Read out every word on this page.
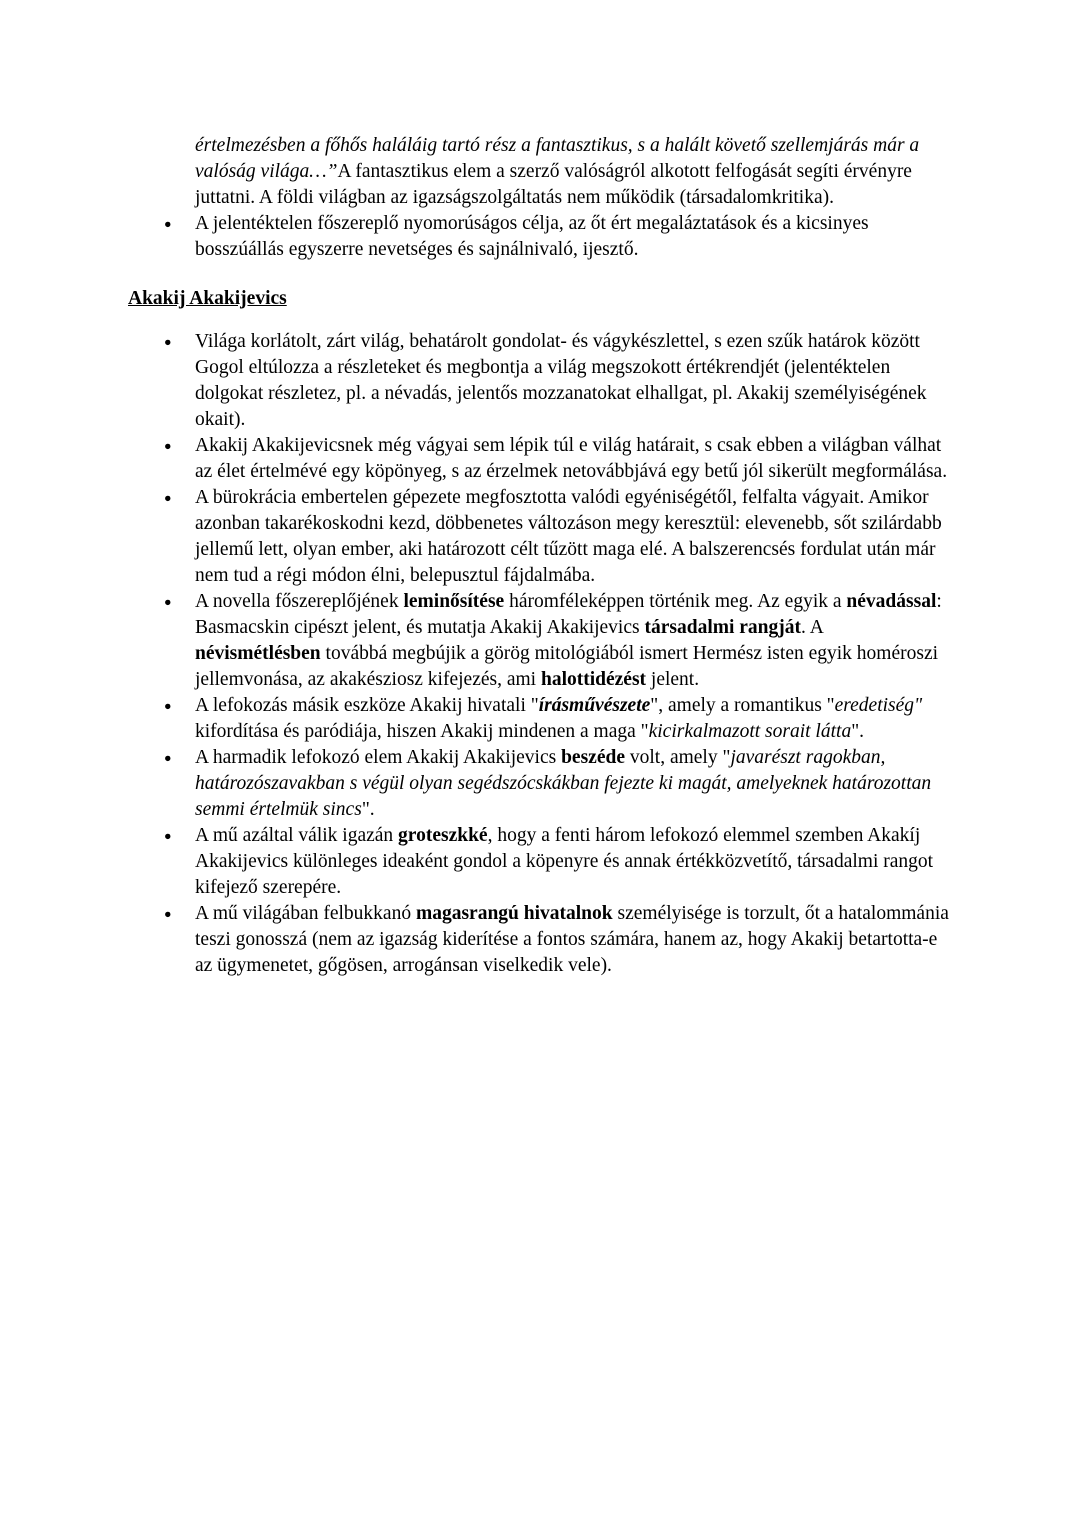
értelmezésben a főhős haláláig tartó rész a fantasztikus, s a halált követő szellemjárás már a valóság világa…”A fantasztikus elem a szerző valóságról alkotott felfogását segíti érvényre juttatni. A földi világban az igazságszolgáltatás nem működik (társadalomkritika).

● A jelentéktelen főszereplő nyomorúságos célja, az őt ért megaláztatások és a kicsinyes bosszúállás egyszerre nevetséges és sajnálnivaló, ijesztő.
Akakij Akakijevics
● Világa korlátolt, zárt világ, behatárolt gondolat- és vágykészlettel, s ezen szűk határok között Gogol eltúlozza a részleteket és megbontja a világ megszokott értékrendjét (jelentéktelen dolgokat részletez, pl. a névadás, jelentős mozzanatokat elhallgat, pl. Akakij személyiségének okait).
● Akakij Akakijevicsnek még vágyai sem lépik túl e világ határait, s csak ebben a világban válhat az élet értelmévé egy köpönyeg, s az érzelmek netovábbjává egy betű jól sikerült megformálása.
● A bürokrácia embertelen gépezete megfosztotta valódi egyéniségétől, felfalta vágyait. Amikor azonban takarékoskodni kezd, döbbenetes változáson megy keresztül: elevenebb, sőt szilárdabb jellemű lett, olyan ember, aki határozott célt tűzött maga elé. A balszerencsés fordulat után már nem tud a régi módon élni, belepusztul fájdalmába.
● A novella főszereplőjének leminősítése háromféleképpen történik meg. Az egyik a névadással: Basmacskin cipészt jelent, és mutatja Akakij Akakijevics társadalmi rangját. A névismétlésben továbbá megbújik a görög mitológiából ismert Hermész isten egyik homéroszi jellemvonása, az akakésziosz kifejezés, ami halottidézést jelent.
● A lefokozás másik eszköze Akakij hivatali "írásművészete", amely a romantikus "eredetiség" kifordítása és paródiája, hiszen Akakij mindenen a maga "kicirkalmazott sorait látta".
● A harmadik lefokozó elem Akakij Akakijevics beszéde volt, amely "javarészt ragokban, határozószavakban s végül olyan segédszócskákban fejezte ki magát, amelyeknek határozottan semmi értelmük sincs".
● A mű azáltal válik igazán groteszkké, hogy a fenti három lefokozó elemmel szemben Akakíj Akakijevics különleges ideaként gondol a köpenyre és annak értékközvetítő, társadalmi rangot kifejező szerepére.
● A mű világában felbukkanó magasrangú hivatalnok személyisége is torzult, őt a hatalommánia teszi gonosszá (nem az igazság kiderítése a fontos számára, hanem az, hogy Akakij betartotta-e az ügymenetet, gőgösen, arrogánsan viselkedik vele).
